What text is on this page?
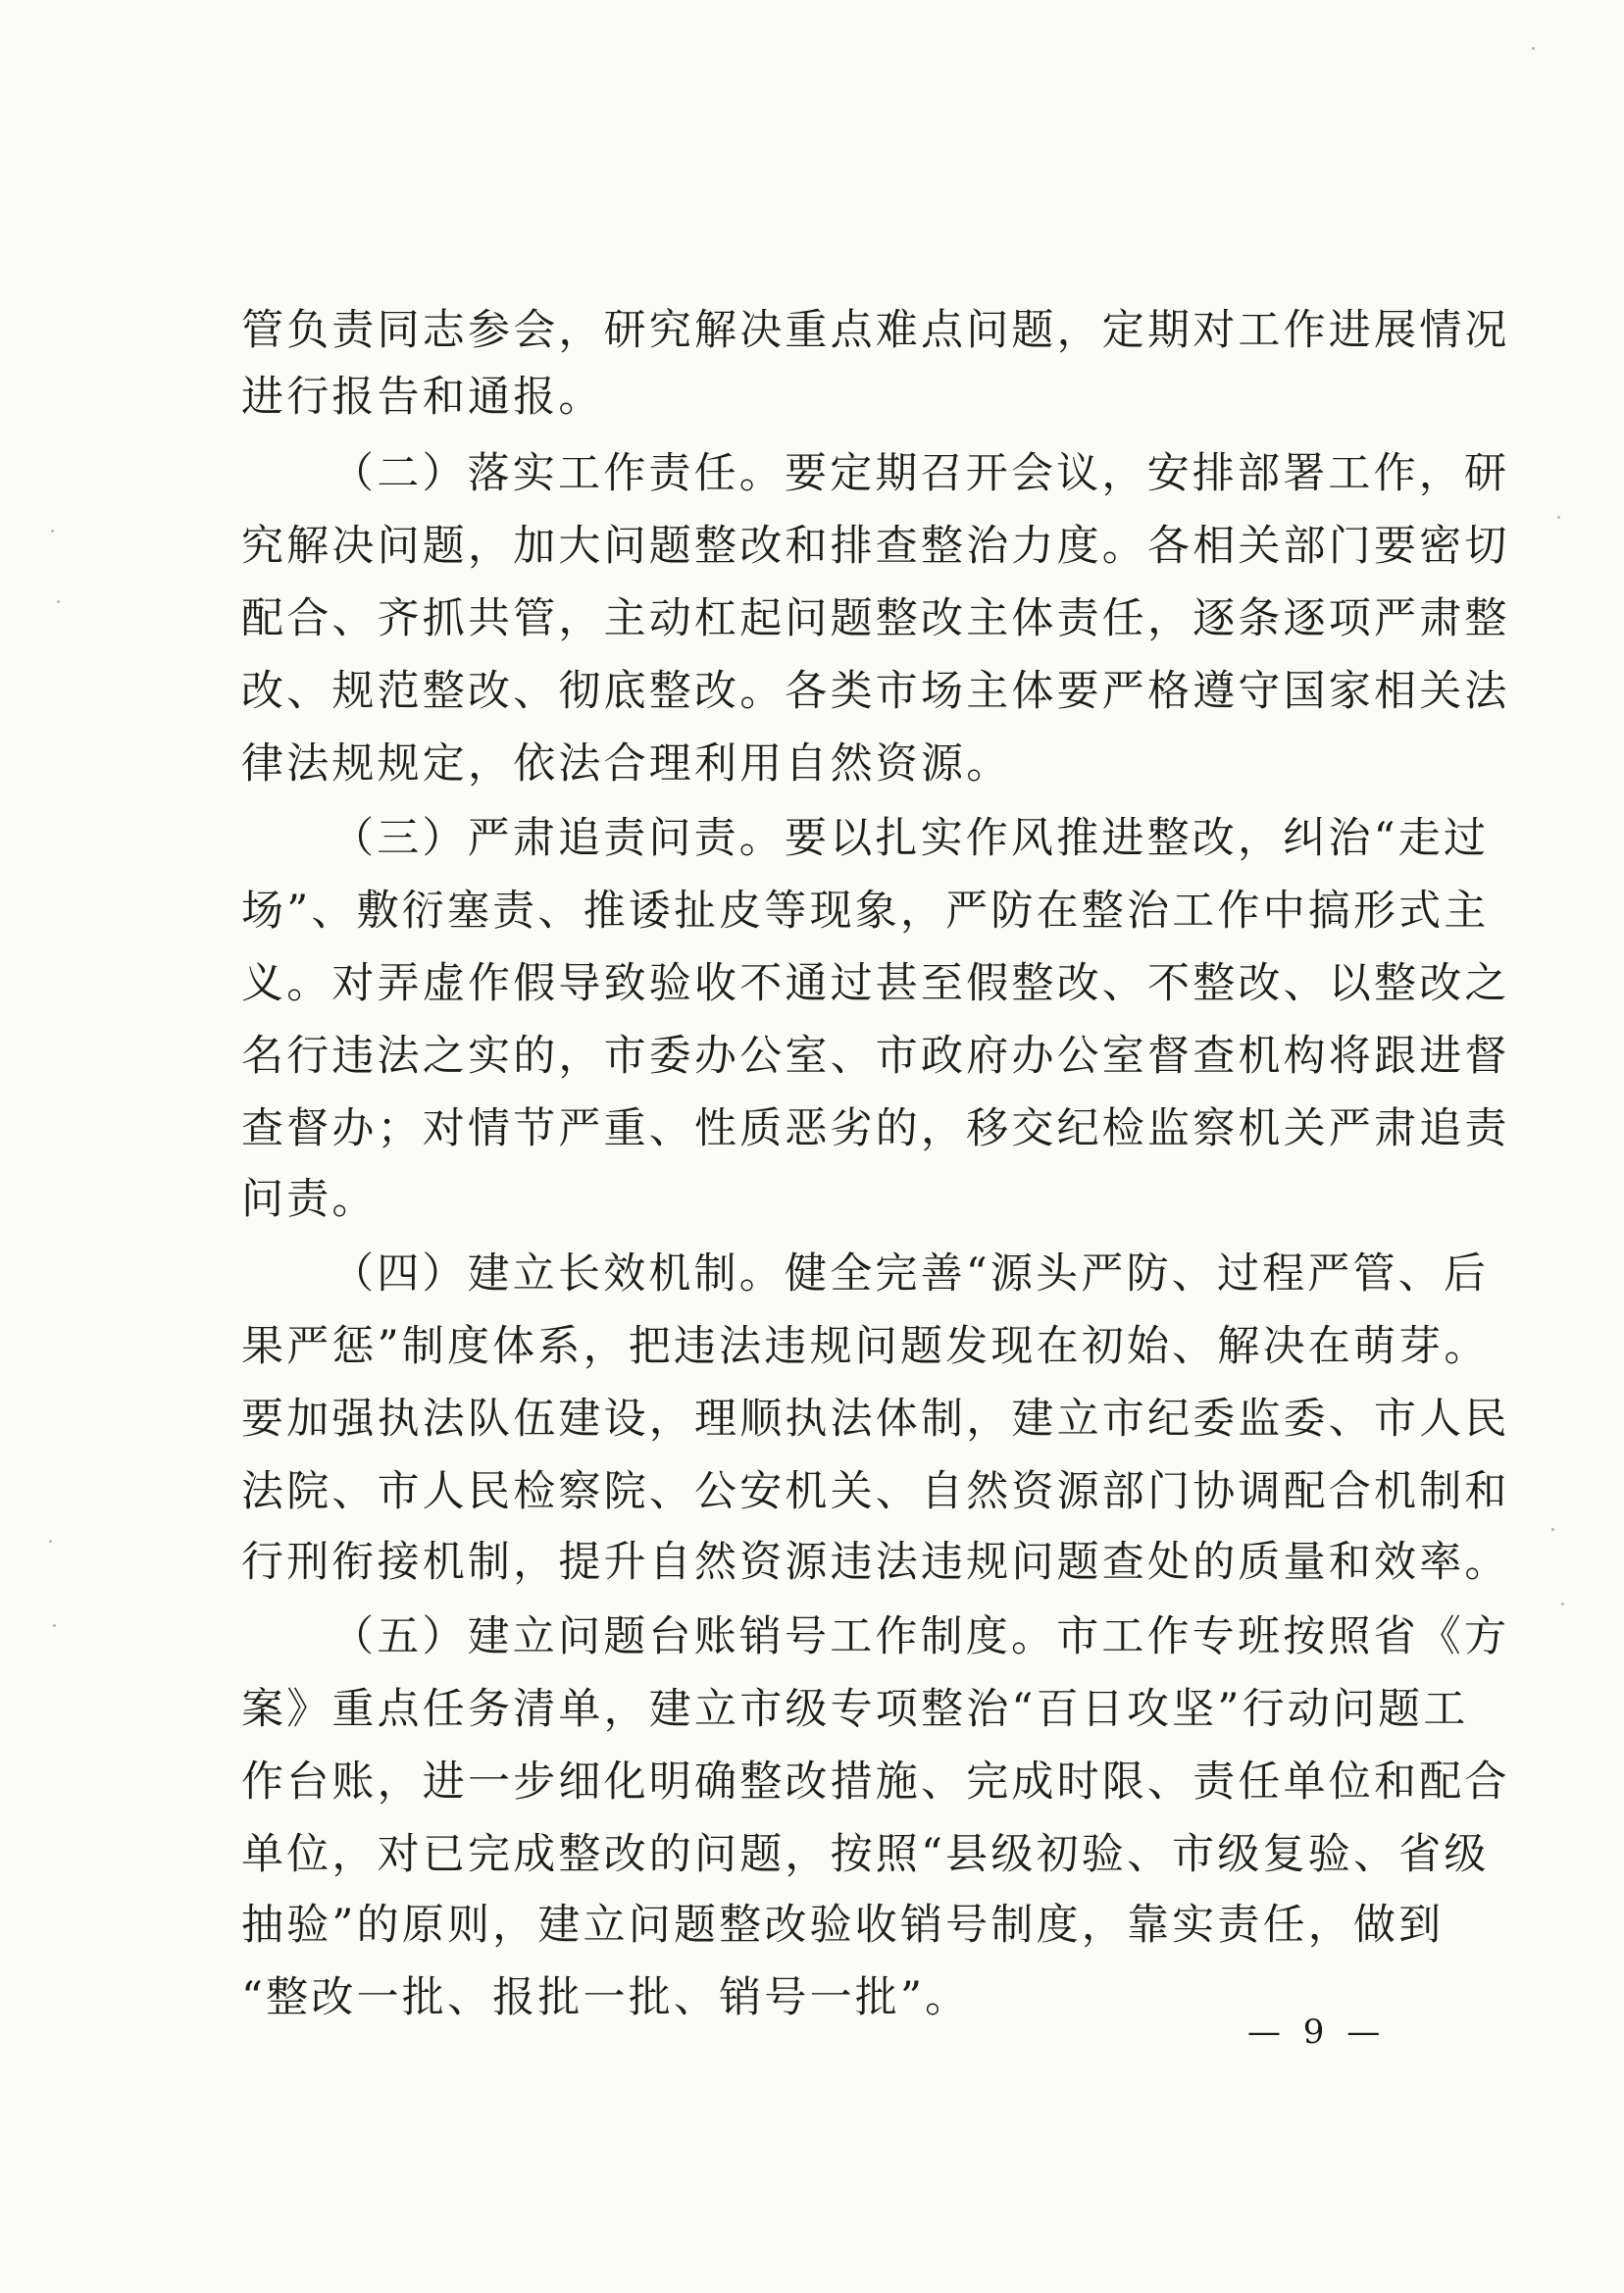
管负责同志参会，研究解决重点难点问题，定期对工作进展情况
进行报告和通报。
（二）落实工作责任。要定期召开会议，安排部署工作，研
究解决问题，加大问题整改和排查整治力度。各相关部门要密切
配合、齐抓共管，主动杠起问题整改主体责任，逐条逐项严肃整
改、规范整改、彻底整改。各类市场主体要严格遵守国家相关法
律法规规定，依法合理利用自然资源。
（三）严肃追责问责。要以扎实作风推进整改，纠治“走过
场”、敷衍塞责、推诿扯皮等现象，严防在整治工作中搞形式主
义。对弄虚作假导致验收不通过甚至假整改、不整改、以整改之
名行违法之实的，市委办公室、市政府办公室督查机构将跟进督
查督办；对情节严重、性质恶劣的，移交纪检监察机关严肃追责
问责。
（四）建立长效机制。健全完善“源头严防、过程严管、后
果严惩”制度体系，把违法违规问题发现在初始、解决在萌芽。
要加强执法队伍建设，理顺执法体制，建立市纪委监委、市人民
法院、市人民检察院、公安机关、自然资源部门协调配合机制和
行刑衔接机制，提升自然资源违法违规问题查处的质量和效率。
（五）建立问题台账销号工作制度。市工作专班按照省《方
案》重点任务清单，建立市级专项整治“百日攻坚”行动问题工
作台账，进一步细化明确整改措施、完成时限、责任单位和配合
单位，对已完成整改的问题，按照“县级初验、市级复验、省级
抽验”的原则，建立问题整改验收销号制度，靠实责任，做到
“整改一批、报批一批、销号一批”。
— 9 —
